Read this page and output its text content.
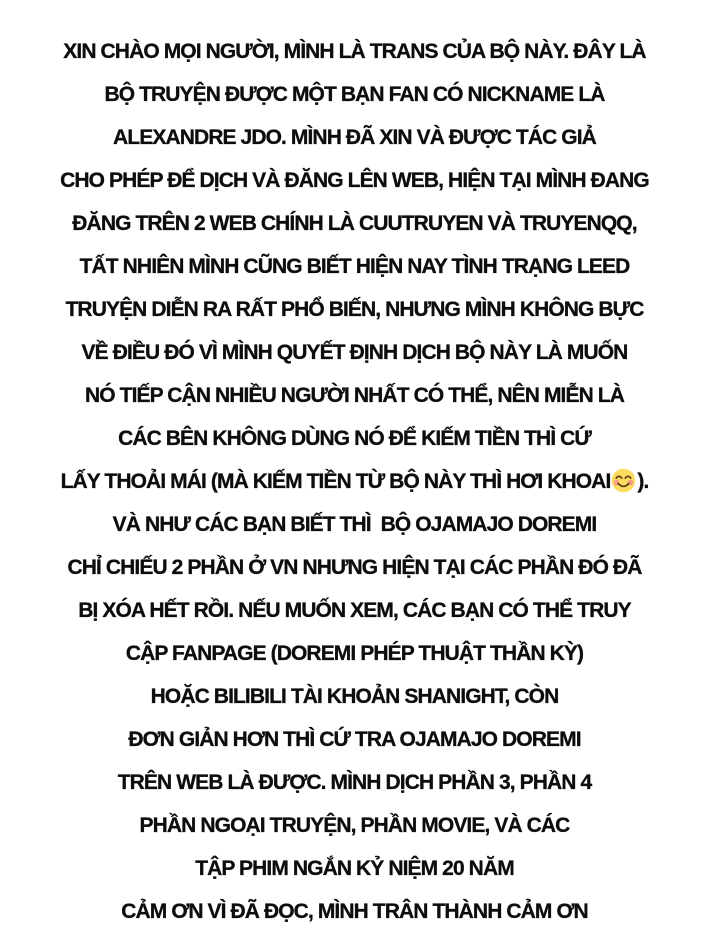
XIN CHÀO MỌI NGƯỜI, MÌNH LÀ TRANS CỦA BỘ NÀY. ĐÂY LÀ
BỘ TRUYỆN ĐƯỢC MỘT BẠN FAN CÓ NICKNAME LÀ
ALEXANDRE JDO. MÌNH ĐÃ XIN VÀ ĐƯỢC TÁC GIẢ
CHO PHÉP ĐỂ DỊCH VÀ ĐĂNG LÊN WEB, HIỆN TẠI MÌNH ĐANG
ĐĂNG TRÊN 2 WEB CHÍNH LÀ CUUTRUYEN VÀ TRUYENQQ,
TẤT NHIÊN MÌNH CŨNG BIẾT HIỆN NAY TÌNH TRẠNG LEED
TRUYỆN DIỄN RA RẤT PHỔ BIẾN, NHƯNG MÌNH KHÔNG BỰC
VỀ ĐIỀU ĐÓ VÌ MÌNH QUYẾT ĐỊNH DỊCH BỘ NÀY LÀ MUỐN
NÓ TIẾP CẬN NHIỀU NGƯỜI NHẤT CÓ THỂ, NÊN MIỄN LÀ
CÁC BÊN KHÔNG DÙNG NÓ ĐỂ KIẾM TIỀN THÌ CỨ
LẤY THOẢI MÁI (MÀ KIẾM TIỀN TỪ BỘ NÀY THÌ HƠI KHOAI ).
VÀ NHƯ CÁC BẠN BIẾT THÌ  BỘ OJAMAJO DOREMI
CHỈ CHIẾU 2 PHẦN Ở VN NHƯNG HIỆN TẠI CÁC PHẦN ĐÓ ĐÃ
BỊ XÓA HẾT RỒI. NẾU MUỐN XEM, CÁC BẠN CÓ THỂ TRUY
CẬP FANPAGE (DOREMI PHÉP THUẬT THẦN KỲ)
HOẶC BILIBILI TÀI KHOẢN SHANIGHT, CÒN
ĐƠN GIẢN HƠN THÌ CỨ TRA OJAMAJO DOREMI
TRÊN WEB LÀ ĐƯỢC. MÌNH DỊCH PHẦN 3, PHẦN 4
PHẦN NGOẠI TRUYỆN, PHẦN MOVIE, VÀ CÁC
TẬP PHIM NGẮN KỶ NIỆM 20 NĂM
CẢM ƠN VÌ ĐÃ ĐỌC, MÌNH TRÂN THÀNH CẢM ƠN
